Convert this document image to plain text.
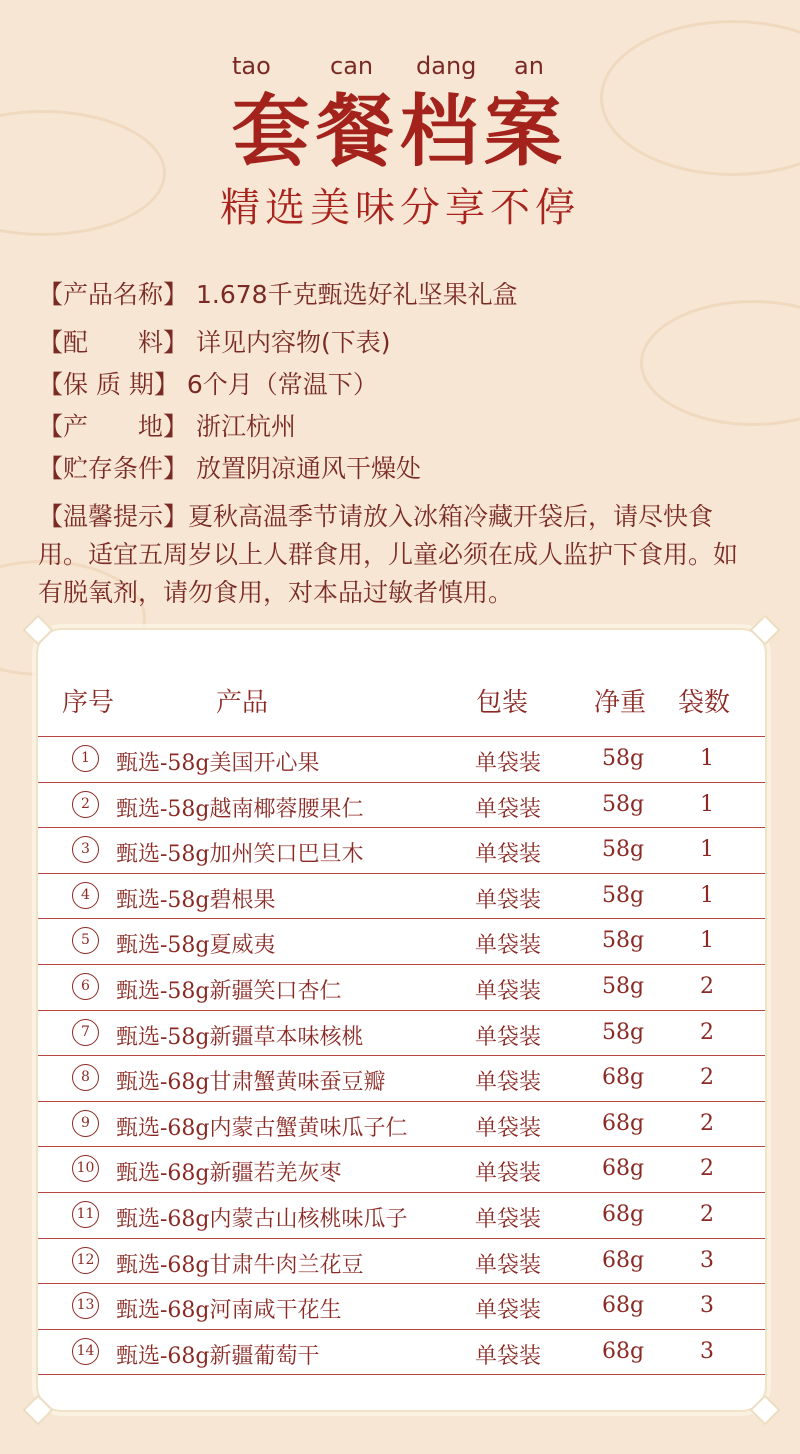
tao can dang an
套餐档案
精选美味分享不停
【产品名称】 1.678千克甄选好礼坚果礼盒
【配　　料】 详见内容物(下表)
【保 质 期】 6个月（常温下）
【产　　地】 浙江杭州
【贮存条件】 放置阴凉通风干燥处
【温馨提示】夏秋高温季节请放入冰箱冷藏开袋后，请尽快食用。适宜五周岁以上人群食用，儿童必须在成人监护下食用。如有脱氧剂，请勿食用，对本品过敏者慎用。
序号	产品	包装	净重 袋数
1	甄选-58g美国开心果	单袋装	58g	1
2	甄选-58g越南椰蓉腰果仁	单袋装	58g	1
3	甄选-58g加州笑口巴旦木	单袋装	58g	1
4	甄选-58g碧根果	单袋装	58g	1
5	甄选-58g夏威夷	单袋装	58g	1
6	甄选-58g新疆笑口杏仁	单袋装	58g	2
7	甄选-58g新疆草本味核桃	单袋装	58g	2
8	甄选-68g甘肃蟹黄味蚕豆瓣	单袋装	68g	2
9	甄选-68g内蒙古蟹黄味瓜子仁	单袋装	68g	2
10 甄选-68g新疆若羌灰枣	单袋装	68g	2
11 甄选-68g内蒙古山核桃味瓜子	单袋装	68g	2
12 甄选-68g甘肃牛肉兰花豆	单袋装	68g	3
13 甄选-68g河南咸干花生	单袋装	68g	3
14 甄选-68g新疆葡萄干	单袋装	68g	3
